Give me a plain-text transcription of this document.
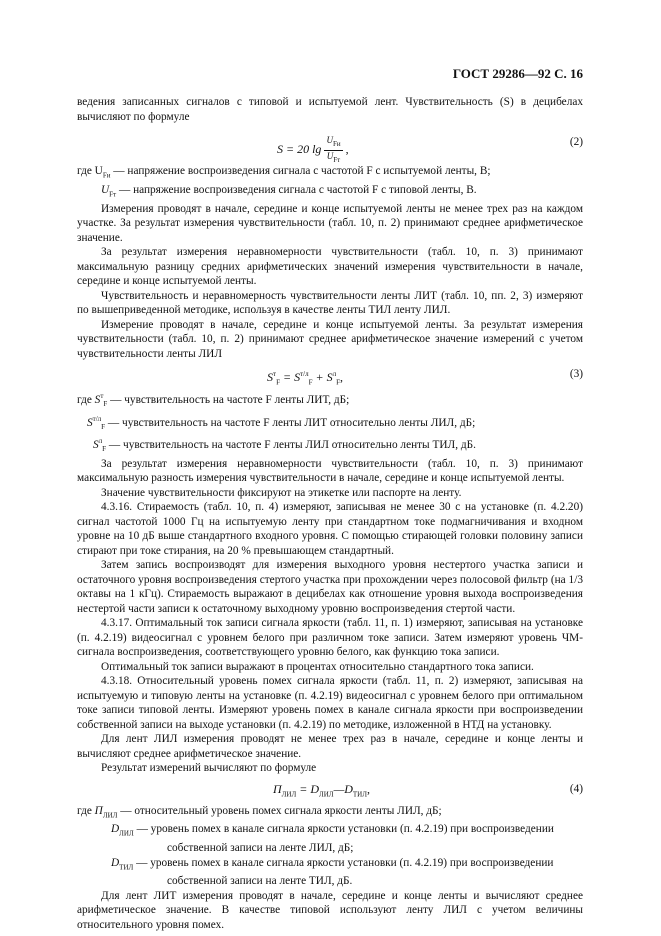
ГОСТ 29286—92 С. 16

ведения записанных сигналов с типовой и испытуемой лент. Чувствительность (S) в децибелах вычисляют по формуле

S = 20 $\lg \frac{U_{Fи}}{U_{Fт}}$ ,
(2)
где $U_{Fи}$ — напряжение воспроизведения сигнала с частотой F с испытуемой ленты, В;
$U_{Fт}$ — напряжение воспроизведения сигнала с частотой F с типовой ленты, В.

Измерения проводят в начале, середине и конце испытуемой ленты не менее трех раз на каждом участке. За результат измерения чувствительности (табл. 10, п. 2) принимают среднее арифметическое значение.

За результат измерения неравномерности чувствительности (табл. 10, п. 3) принимают максимальную разницу средних арифметических значений измерения чувствительности в начале, середине и конце испытуемой ленты.

Чувствительность и неравномерность чувствительности ленты ЛИТ (табл. 10, пп. 2, 3) измеряют по вышеприведенной методике, используя в качестве ленты ТИЛ ленту ЛИЛ.

Измерение проводят в начале, середине и конце испытуемой ленты. За результат измерения чувствительности (табл. 10, п. 2) принимают среднее арифметическое значение измерений с учетом чувствительности ленты ЛИЛ

$S^т_F = S^{т/л}_F + S^л_F$,	(3)
где $S^т_F$ — чувствительность на частоте F ленты ЛИТ, дБ;
$S^{т/л}_F$ — чувствительность на частоте F ленты ЛИТ относительно ленты ЛИЛ, дБ;
$S^л_F$ — чувствительность на частоте F ленты ЛИЛ относительно ленты ТИЛ, дБ.

За результат измерения неравномерности чувствительности (табл. 10, п. 3) принимают максимальную разность измерения чувствительности в начале, середине и конце испытуемой ленты.

Значение чувствительности фиксируют на этикетке или паспорте на ленту.

4.3.16. Стираемость (табл. 10, п. 4) измеряют, записывая не менее 30 с на установке (п. 4.2.20) сигнал частотой 1000 Гц на испытуемую ленту при стандартном токе подмагничивания и входном уровне на 10 дБ выше стандартного входного уровня. С помощью стирающей головки половину записи стирают при токе стирания, на 20 % превышающем стандартный.

Затем запись воспроизводят для измерения выходного уровня нестертого участка записи и остаточного уровня воспроизведения стертого участка при прохождении через полосовой фильтр (на 1/3 октавы на 1 кГц). Стираемость выражают в децибелах как отношение уровня выхода воспроизведения нестертой части записи к остаточному выходному уровню воспроизведения стертой части.

4.3.17. Оптимальный ток записи сигнала яркости (табл. 11, п. 1) измеряют, записывая на установке (п. 4.2.19) видеосигнал с уровнем белого при различном токе записи. Затем измеряют уровень ЧМ-сигнала воспроизведения, соответствующего уровню белого, как функцию тока записи.

Оптимальный ток записи выражают в процентах относительно стандартного тока записи.

4.3.18. Относительный уровень помех сигнала яркости (табл. 11, п. 2) измеряют, записывая на испытуемую и типовую ленты на установке (п. 4.2.19) видеосигнал с уровнем белого при оптимальном токе записи типовой ленты. Измеряют уровень помех в канале сигнала яркости при воспроизведении собственной записи на выходе установки (п. 4.2.19) по методике, изложенной в НТД на установку.

Для лент ЛИЛ измерения проводят не менее трех раз в начале, середине и конце ленты и вычисляют среднее арифметическое значение.

Результат измерений вычисляют по формуле

$П_{ЛИЛ}$ = $D_{ЛИЛ}—D_{ТИЛ}$,	(4)
где $П_{ЛИЛ}$ — относительный уровень помех сигнала яркости ленты ЛИЛ, дБ;
$D_{ЛИЛ}$ — уровень помех в канале сигнала яркости установки (п. 4.2.19) при воспроизведении
собственной записи на ленте ЛИЛ, дБ;
$D_{ТИЛ}$ — уровень помех в канале сигнала яркости установки (п. 4.2.19) при воспроизведении
собственной записи на ленте ТИЛ, дБ.

Для лент ЛИТ измерения проводят в начале, середине и конце ленты и вычисляют среднее арифметическое значение. В качестве типовой используют ленту ЛИЛ с учетом величины относительного уровня помех.
